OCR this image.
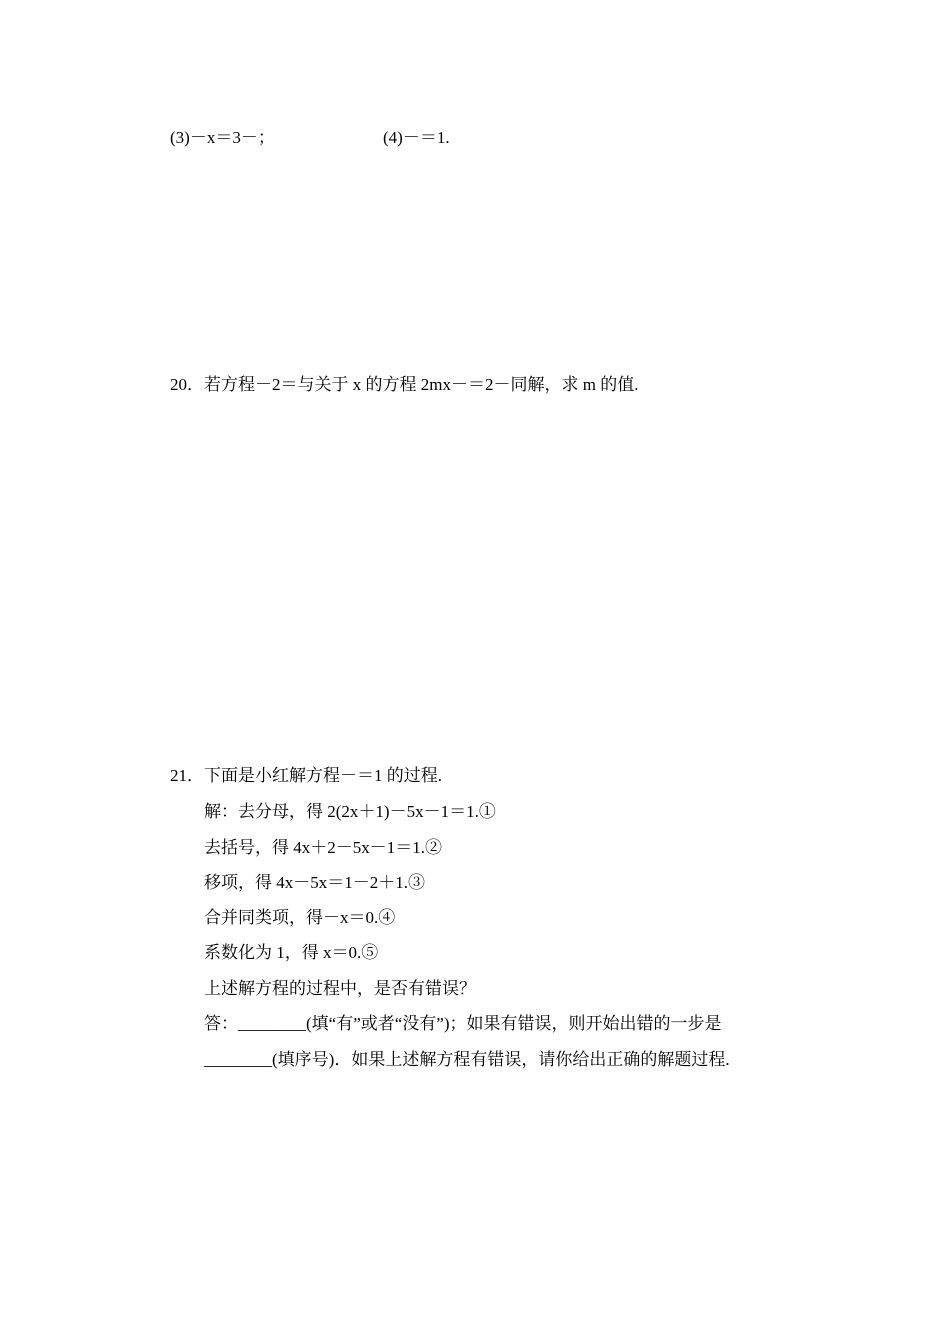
(3)－x＝3－；	(4)－＝1.
20．若方程－2＝与关于 x 的方程 2mx－＝2－同解，求 m 的值.
21．下面是小红解方程－＝1 的过程.
解：去分母，得 2(2x＋1)－5x－1＝1.①
去括号，得 4x＋2－5x－1＝1.②
移项，得 4x－5x＝1－2＋1.③
合并同类项，得－x＝0.④
系数化为 1，得 x＝0.⑤
上述解方程的过程中，是否有错误？
答：________(填“有”或者“没有”)；如果有错误，则开始出错的一步是
________(填序号)．如果上述解方程有错误，请你给出正确的解题过程.
